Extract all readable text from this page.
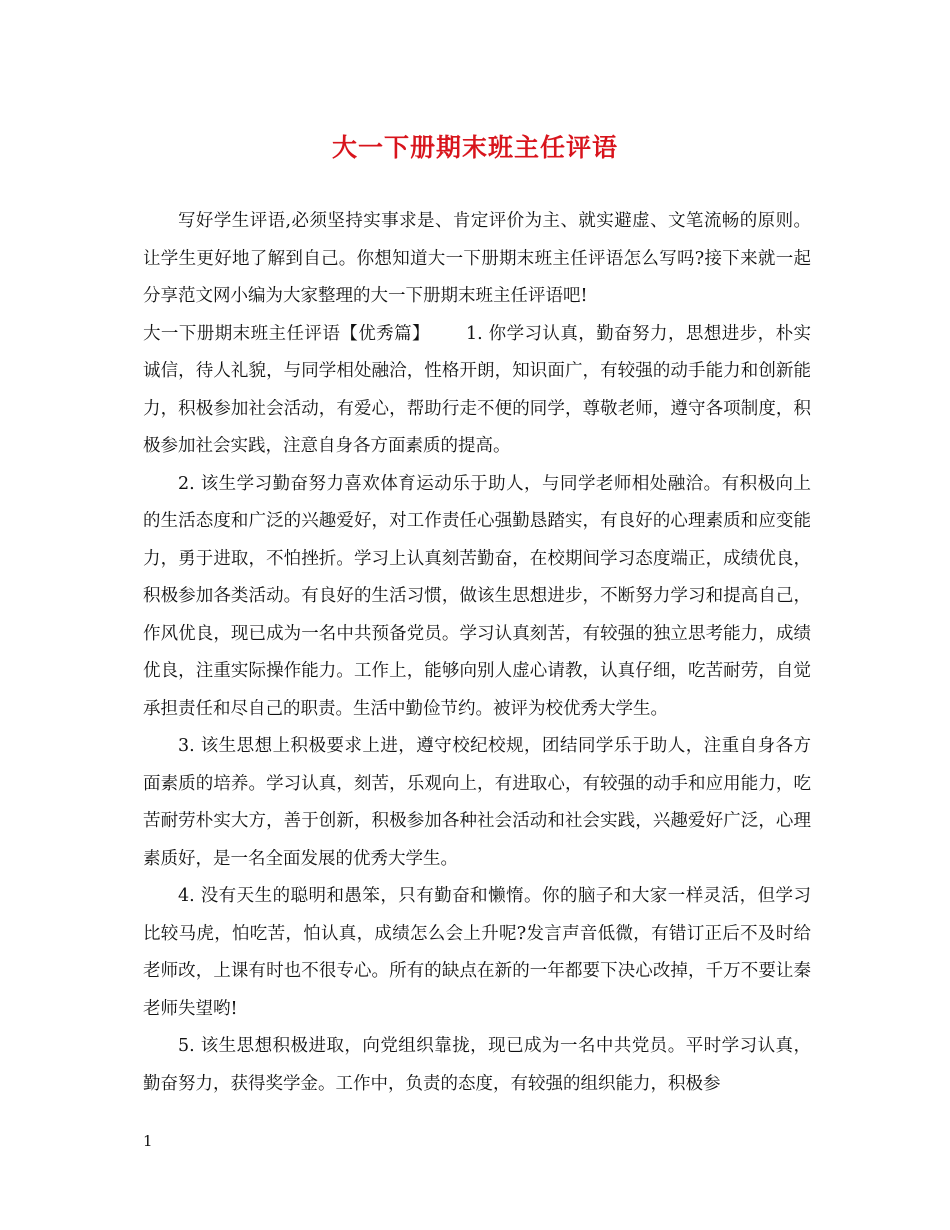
大一下册期末班主任评语

写好学生评语,必须坚持实事求是、肯定评价为主、就实避虚、文笔流畅的原则。让学生更好地了解到自己。你想知道大一下册期末班主任评语怎么写吗?接下来就一起分享范文网小编为大家整理的大一下册期末班主任评语吧!

大一下册期末班主任评语【优秀篇】 1. 你学习认真，勤奋努力，思想进步，朴实诚信，待人礼貌，与同学相处融洽，性格开朗，知识面广，有较强的动手能力和创新能力，积极参加社会活动，有爱心，帮助行走不便的同学，尊敬老师，遵守各项制度，积极参加社会实践，注意自身各方面素质的提高。

2. 该生学习勤奋努力喜欢体育运动乐于助人，与同学老师相处融洽。有积极向上的生活态度和广泛的兴趣爱好，对工作责任心强勤恳踏实，有良好的心理素质和应变能力，勇于进取，不怕挫折。学习上认真刻苦勤奋，在校期间学习态度端正，成绩优良，积极参加各类活动。有良好的生活习惯，做该生思想进步，不断努力学习和提高自己，作风优良，现已成为一名中共预备党员。学习认真刻苦，有较强的独立思考能力，成绩优良，注重实际操作能力。工作上，能够向别人虚心请教，认真仔细，吃苦耐劳，自觉承担责任和尽自己的职责。生活中勤俭节约。被评为校优秀大学生。

3. 该生思想上积极要求上进，遵守校纪校规，团结同学乐于助人，注重自身各方面素质的培养。学习认真，刻苦，乐观向上，有进取心，有较强的动手和应用能力，吃苦耐劳朴实大方，善于创新，积极参加各种社会活动和社会实践，兴趣爱好广泛，心理素质好，是一名全面发展的优秀大学生。

4. 没有天生的聪明和愚笨，只有勤奋和懒惰。你的脑子和大家一样灵活，但学习比较马虎，怕吃苦，怕认真，成绩怎么会上升呢?发言声音低微，有错订正后不及时给老师改，上课有时也不很专心。所有的缺点在新的一年都要下决心改掉，千万不要让秦老师失望哟!

5. 该生思想积极进取，向党组织靠拢，现已成为一名中共党员。平时学习认真，勤奋努力，获得奖学金。工作中，负责的态度，有较强的组织能力，积极参

1
